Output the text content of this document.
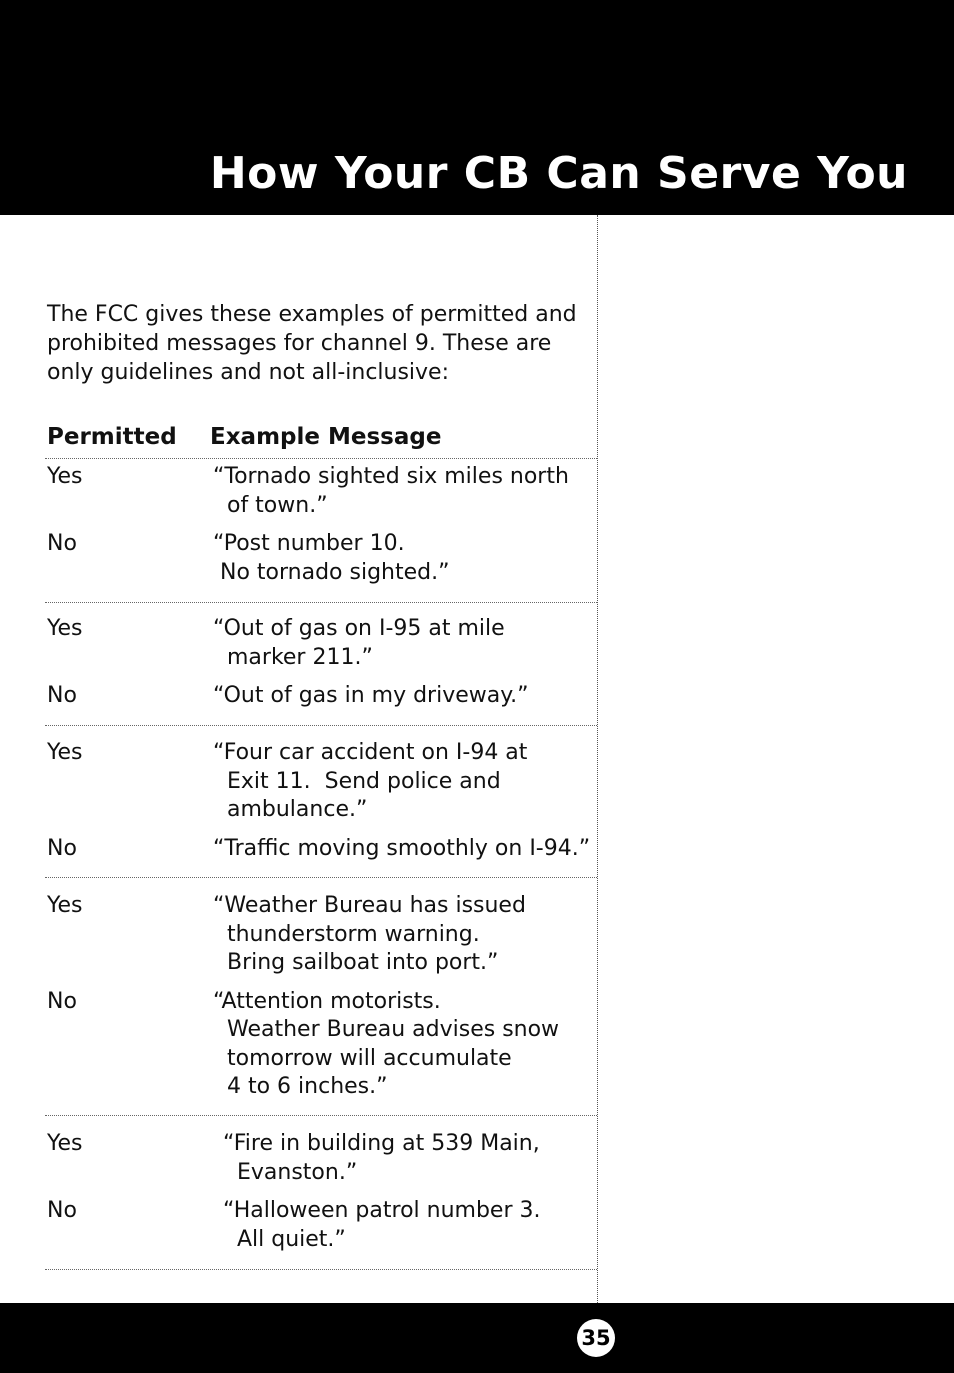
How Your CB Can Serve You
The FCC gives these examples of permitted and
prohibited messages for channel 9. These are
only guidelines and not all-inclusive:
Permitted Example Message
Yes	“Tornado sighted six miles north
of town.”
No	“Post number 10.
No tornado sighted.”
Yes	“Out of gas on I-95 at mile
marker 211.”
No	“Out of gas in my driveway.”
Yes	“Four car accident on I-94 at
Exit 11.  Send police and
ambulance.”
No	“Traffic moving smoothly on I-94.”
Yes	“Weather Bureau has issued
thunderstorm warning.
Bring sailboat into port.”
No	“Attention motorists.
Weather Bureau advises snow
tomorrow will accumulate
4 to 6 inches.”
Yes	“Fire in building at 539 Main,
Evanston.”
No	“Halloween patrol number 3.
All quiet.”
35
